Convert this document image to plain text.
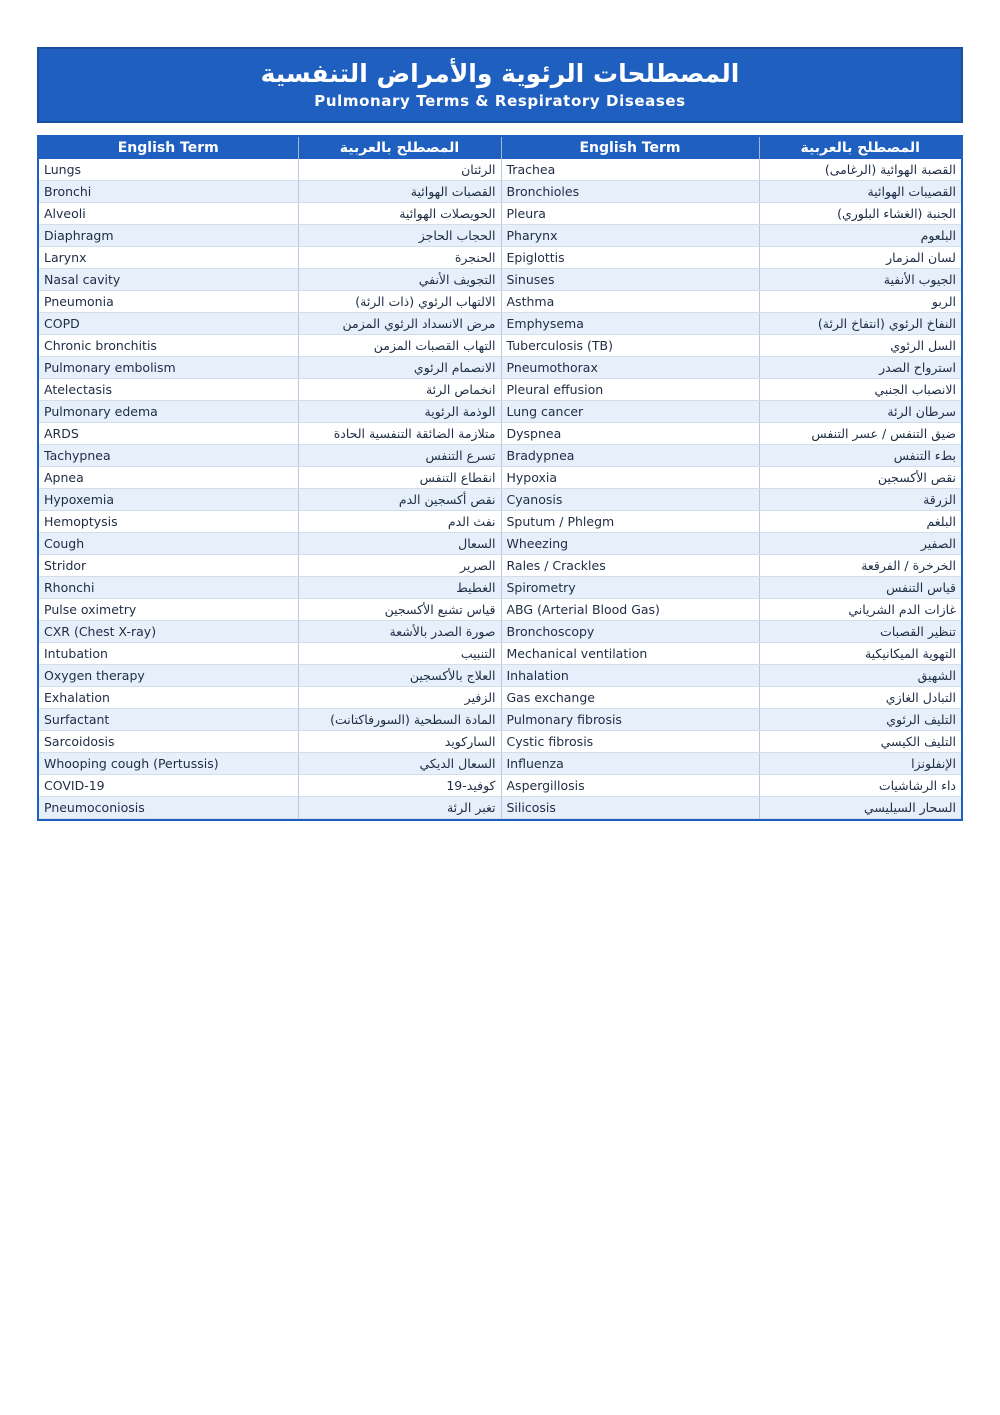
المصطلحات الرئوية والأمراض التنفسية
Pulmonary Terms & Respiratory Diseases
English Term	المصطلح بالعربية	English Term	المصطلح بالعربية
Lungs	الرئتان	Trachea	القصبة الهوائية (الرغامى)
Bronchi	القصبات الهوائية	Bronchioles	القصيبات الهوائية
Alveoli	الحويصلات الهوائية	Pleura	الجنبة (الغشاء البلوري)
Diaphragm	الحجاب الحاجز	Pharynx	البلعوم
Larynx	الحنجرة	Epiglottis	لسان المزمار
Nasal cavity	التجويف الأنفي	Sinuses	الجيوب الأنفية
Pneumonia	الالتهاب الرئوي (ذات الرئة)	Asthma	الربو
COPD	مرض الانسداد الرئوي المزمن	Emphysema	النفاخ الرئوي (انتفاخ الرئة)
Chronic bronchitis	التهاب القصبات المزمن	Tuberculosis (TB)	السل الرئوي
Pulmonary embolism	الانصمام الرئوي	Pneumothorax	استرواح الصدر
Atelectasis	انخماص الرئة	Pleural effusion	الانصباب الجنبي
Pulmonary edema	الوذمة الرئوية	Lung cancer	سرطان الرئة
ARDS	متلازمة الضائقة التنفسية الحادة	Dyspnea	ضيق التنفس / عسر التنفس
Tachypnea	تسرع التنفس	Bradypnea	بطء التنفس
Apnea	انقطاع التنفس	Hypoxia	نقص الأكسجين
Hypoxemia	نقص أكسجين الدم	Cyanosis	الزرقة
Hemoptysis	نفث الدم	Sputum / Phlegm	البلغم
Cough	السعال	Wheezing	الصفير
Stridor	الصرير	Rales / Crackles	الخرخرة / الفرقعة
Rhonchi	الغطيط	Spirometry	قياس التنفس
Pulse oximetry	قياس تشبع الأكسجين	ABG (Arterial Blood Gas)	غازات الدم الشرياني
CXR (Chest X-ray)	صورة الصدر بالأشعة	Bronchoscopy	تنظير القصبات
Intubation	التنبيب	Mechanical ventilation	التهوية الميكانيكية
Oxygen therapy	العلاج بالأكسجين	Inhalation	الشهيق
Exhalation	الزفير	Gas exchange	التبادل الغازي
Surfactant	المادة السطحية (السورفاكتانت)	Pulmonary fibrosis	التليف الرئوي
Sarcoidosis	الساركويد	Cystic fibrosis	التليف الكيسي
Whooping cough (Pertussis)	السعال الديكي	Influenza	الإنفلونزا
COVID-19	كوفيد-19	Aspergillosis	داء الرشاشيات
Pneumoconiosis	تغبر الرئة	Silicosis	السحار السيليسي
